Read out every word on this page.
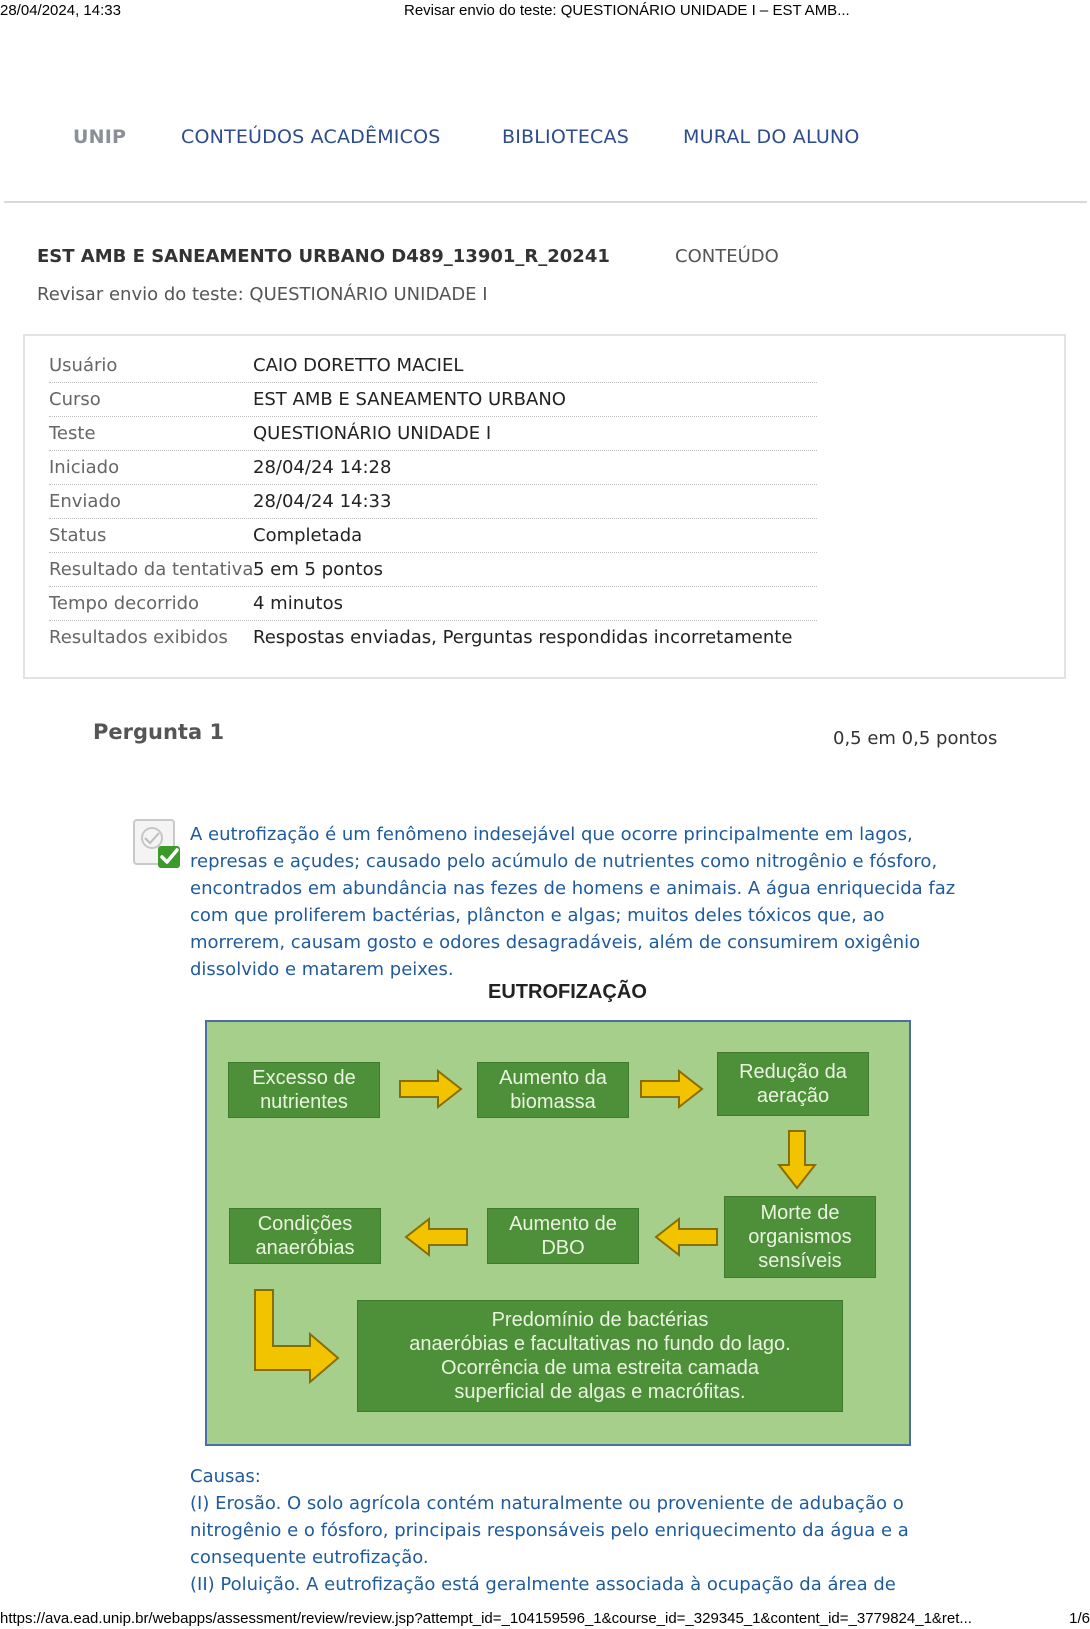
28/04/2024, 14:33	Revisar envio do teste: QUESTIONÁRIO UNIDADE I – EST AMB...
UNIP	CONTEÚDOS ACADÊMICOS	BIBLIOTECAS	MURAL DO ALUNO
EST AMB E SANEAMENTO URBANO D489_13901_R_20241	CONTEÚDO
Revisar envio do teste: QUESTIONÁRIO UNIDADE I
Usuário	CAIO DORETTO MACIEL
Curso	EST AMB E SANEAMENTO URBANO
Teste	QUESTIONÁRIO UNIDADE I
Iniciado	28/04/24 14:28
Enviado	28/04/24 14:33
Status	Completada
Resultado da tentativa 5 em 5 pontos
Tempo decorrido	4 minutos
Resultados exibidos Respostas enviadas, Perguntas respondidas incorretamente
Pergunta 1	0,5 em 0,5 pontos

A eutrofização é um fenômeno indesejável que ocorre principalmente em lagos,

represas e açudes; causado pelo acúmulo de nutrientes como nitrogênio e fósforo,

encontrados em abundância nas fezes de homens e animais. A água enriquecida faz

com que proliferem bactérias, plâncton e algas; muitos deles tóxicos que, ao

morrerem, causam gosto e odores desagradáveis, além de consumirem oxigênio

dissolvido e matarem peixes.

EUTROFIZAÇÃO
Excesso de
nutrientes
Aumento da
biomassa
Redução da
aeração
Morte de
organismos
sensíveis
Aumento de
DBO
Condições
anaeróbias
Predomínio de bactérias
anaeróbias e facultativas no fundo do lago.
Ocorrência de uma estreita camada
superficial de algas e macrófitas.

Causas:

(I) Erosão. O solo agrícola contém naturalmente ou proveniente de adubação o

nitrogênio e o fósforo, principais responsáveis pelo enriquecimento da água e a

consequente eutrofização.

(II) Poluição. A eutrofização está geralmente associada à ocupação da área de

https://ava.ead.unip.br/webapps/assessment/review/review.jsp?attempt_id=_104159596_1&course_id=_329345_1&content_id=_3779824_1&ret...	1/6
